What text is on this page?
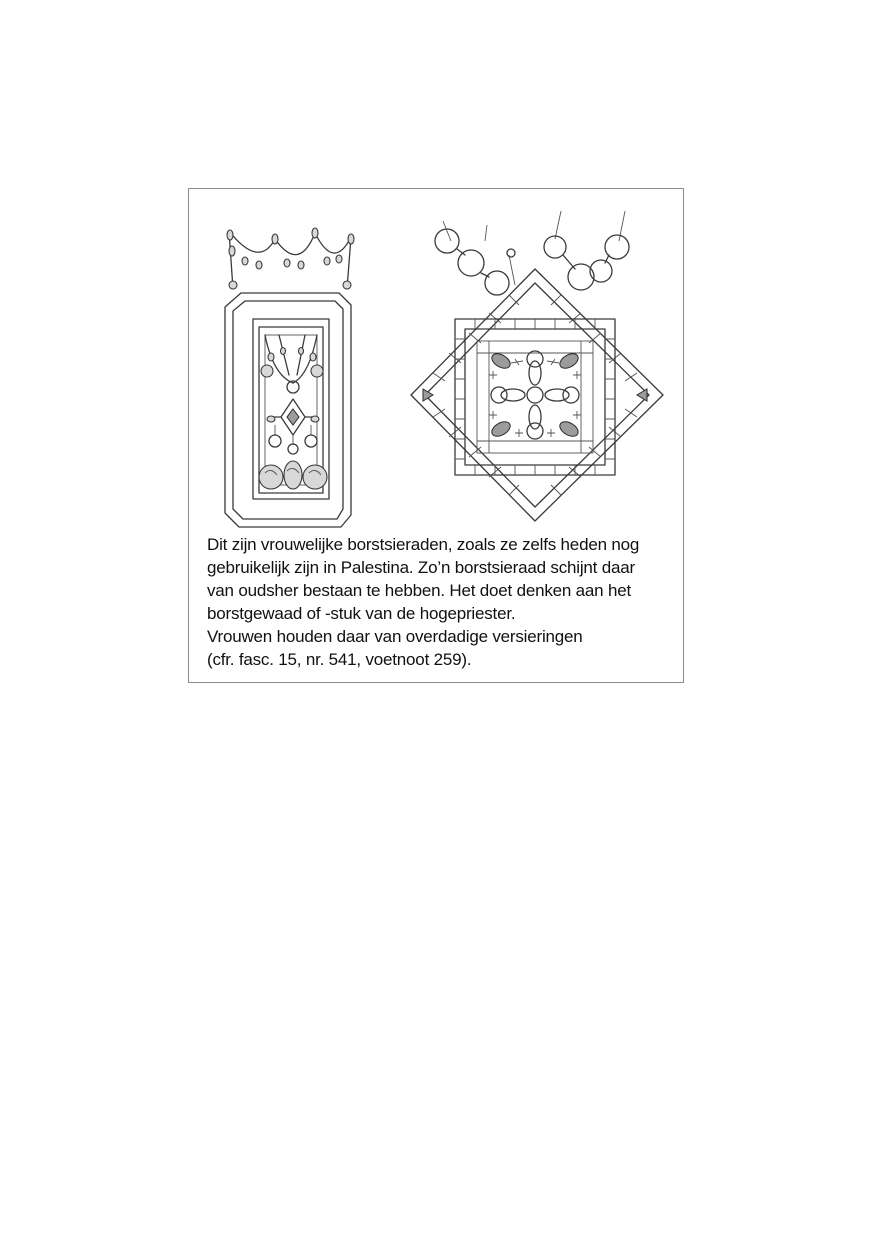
Dit zijn vrouwelijke borstsieraden, zoals ze zelfs heden nog
gebruikelijk zijn in Palestina. Zo’n borstsieraad schijnt daar
van oudsher bestaan te hebben. Het doet denken aan het
borstgewaad of -stuk van de hogepriester.
Vrouwen houden daar van overdadige versieringen
(cfr. fasc. 15, nr. 541, voetnoot 259).
